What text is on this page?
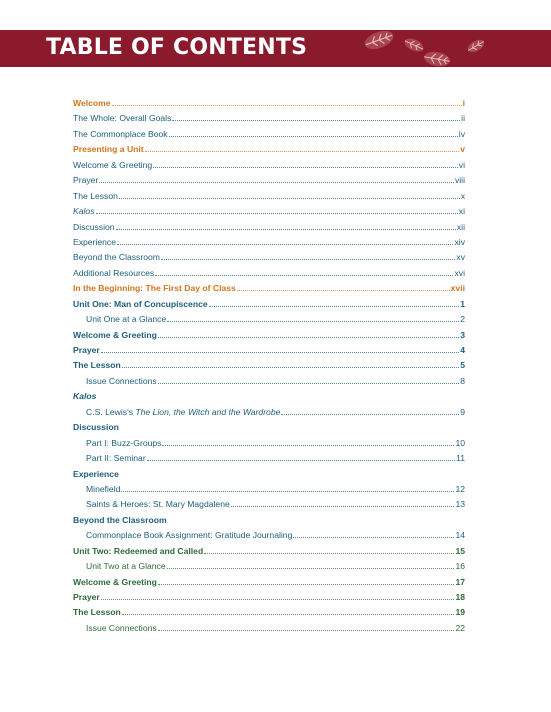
TABLE OF CONTENTS
Welcome	i
The Whole: Overall Goals	ii
The Commonplace Book	iv
Presenting a Unit	v
Welcome & Greeting	vi
Prayer	viii
The Lesson	x
Kalos	xi
Discussion	xii
Experience	xiv
Beyond the Classroom	xv
Additional Resources	xvi
In the Beginning: The First Day of Class	xvii
Unit One: Man of Concupiscence	1
Unit One at a Glance	2
Welcome & Greeting	3
Prayer	4
The Lesson	5
Issue Connections	8
Kalos
C.S. Lewis's The Lion, the Witch and the Wardrobe	9
Discussion
Part I: Buzz-Groups	10
Part II: Seminar	11
Experience
Minefield	12
Saints & Heroes: St. Mary Magdalene	13
Beyond the Classroom
Commonplace Book Assignment: Gratitude Journaling	14
Unit Two: Redeemed and Called	15
Unit Two at a Glance	16
Welcome & Greeting	17
Prayer	18
The Lesson	19
Issue Connections	22
